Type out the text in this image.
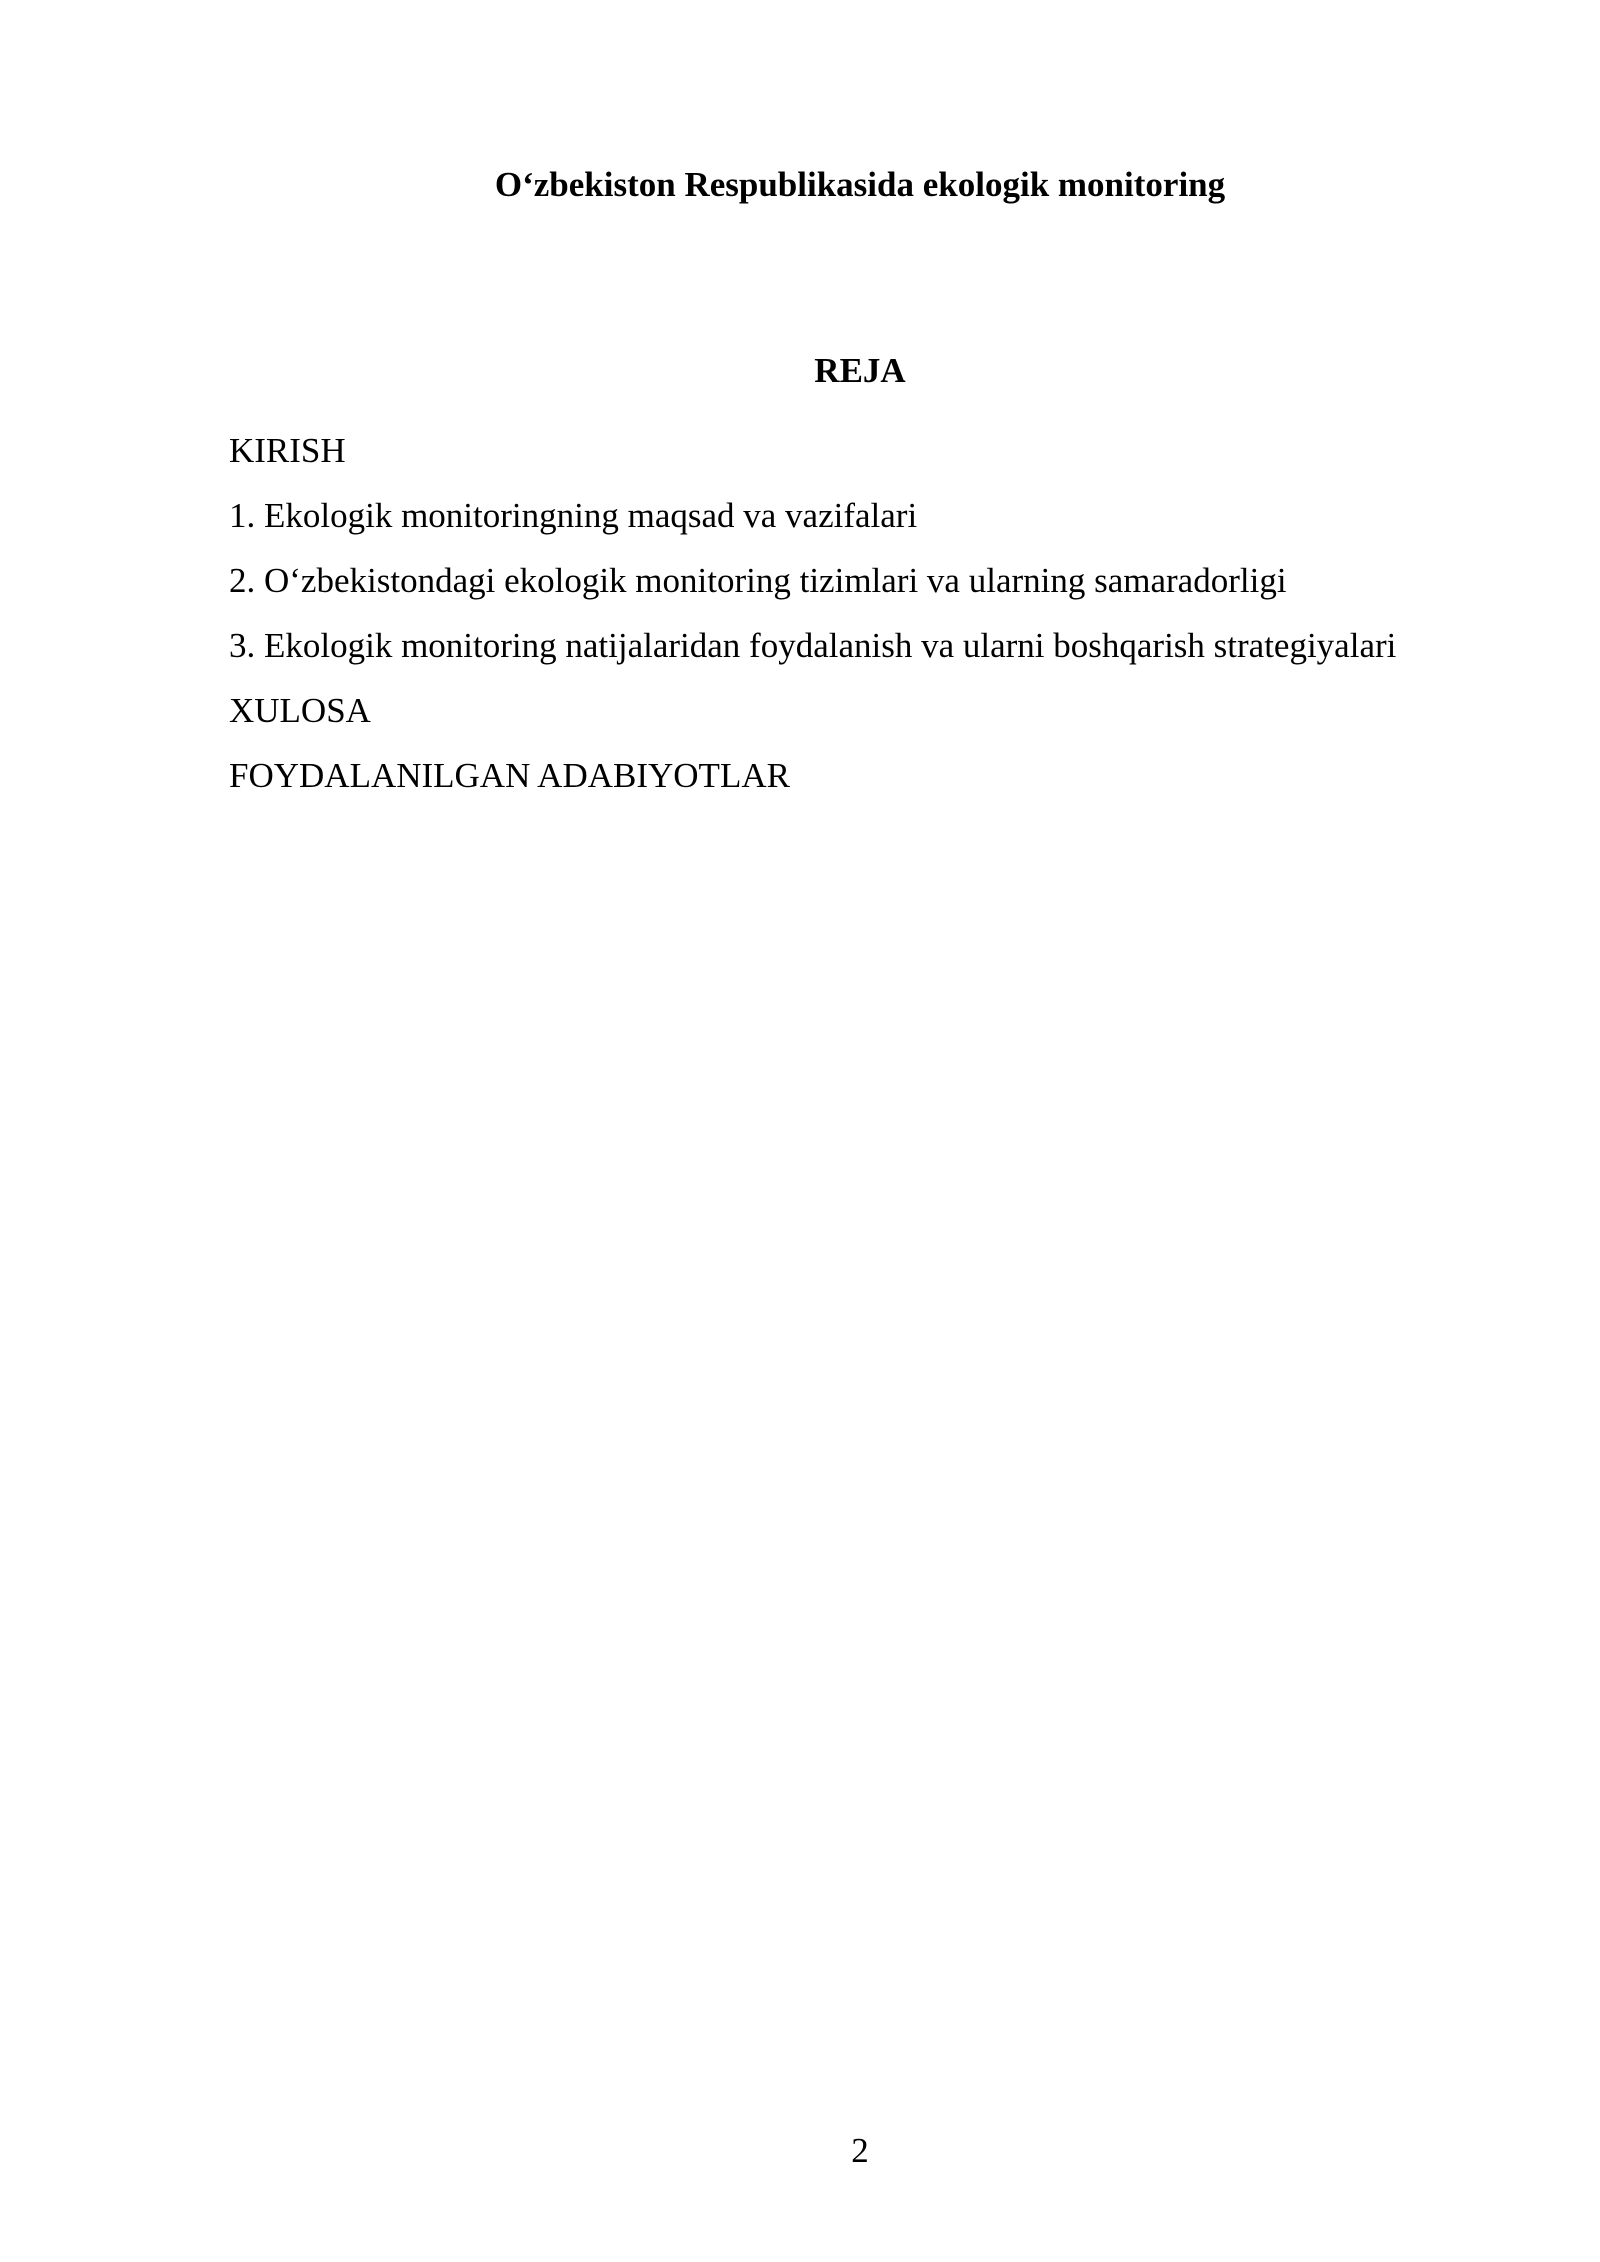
O‘zbekiston Respublikasida ekologik monitoring
REJA
KIRISH
1. Ekologik monitoringning maqsad va vazifalari
2. O‘zbekistondagi ekologik monitoring tizimlari va ularning samaradorligi
3. Ekologik monitoring natijalaridan foydalanish va ularni boshqarish strategiyalari
XULOSA
FOYDALANILGAN ADABIYOTLAR
2
